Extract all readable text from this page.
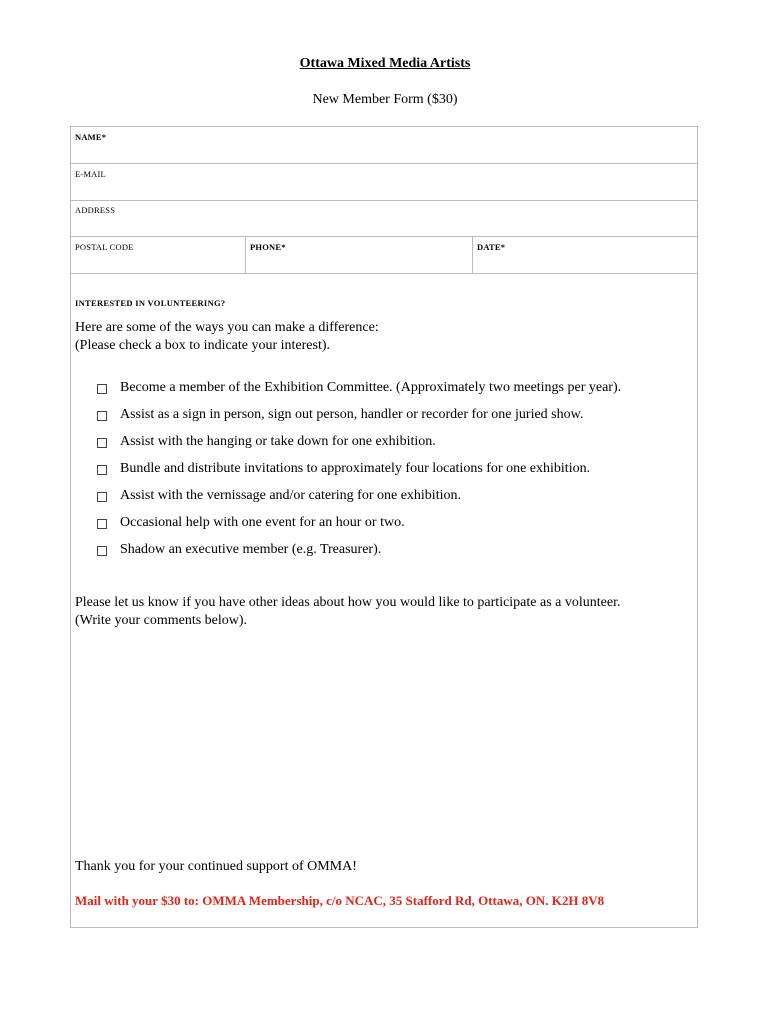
Ottawa Mixed Media Artists
New Member Form ($30)
NAME*
E-MAIL
ADDRESS
POSTAL CODE	PHONE*	DATE*
INTERESTED IN VOLUNTEERING?
Here are some of the ways you can make a difference:
(Please check a box to indicate your interest).
Become a member of the Exhibition Committee. (Approximately two meetings per year).
Assist as a sign in person, sign out person, handler or recorder for one juried show.
Assist with the hanging or take down for one exhibition.
Bundle and distribute invitations to approximately four locations for one exhibition.
Assist with the vernissage and/or catering for one exhibition.
Occasional help with one event for an hour or two.
Shadow an executive member (e.g. Treasurer).
Please let us know if you have other ideas about how you would like to participate as a volunteer.
(Write your comments below).
Thank you for your continued support of OMMA!
Mail with your $30 to: OMMA Membership, c/o NCAC, 35 Stafford Rd, Ottawa, ON. K2H 8V8
